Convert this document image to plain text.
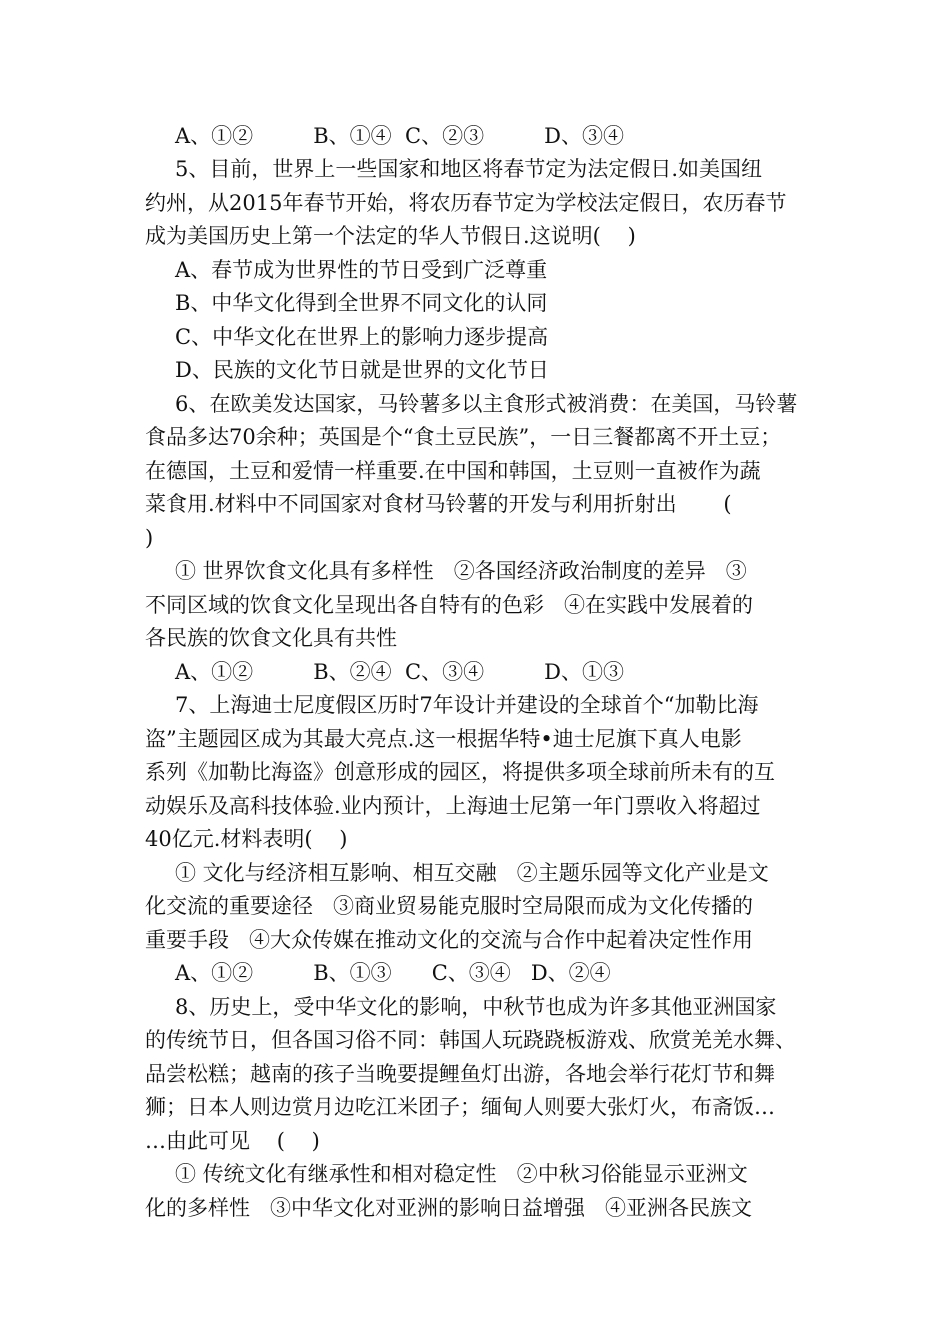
A、①②         B、①④  C、②③         D、③④
5、目前，世界上一些国家和地区将春节定为法定假日.如美国纽
约州，从2015年春节开始，将农历春节定为学校法定假日，农历春节
成为美国历史上第一个法定的华人节假日.这说明(    )
A、春节成为世界性的节日受到广泛尊重
B、中华文化得到全世界不同文化的认同
C、中华文化在世界上的影响力逐步提高
D、民族的文化节日就是世界的文化节日
6、在欧美发达国家，马铃薯多以主食形式被消费：在美国，马铃薯
食品多达70余种；英国是个“食土豆民族”，一日三餐都离不开土豆；
在德国，土豆和爱情一样重要.在中国和韩国，土豆则一直被作为蔬
菜食用.材料中不同国家对食材马铃薯的开发与利用折射出       (
)
① 世界饮食文化具有多样性   ②各国经济政治制度的差异   ③
不同区域的饮食文化呈现出各自特有的色彩   ④在实践中发展着的
各民族的饮食文化具有共性
A、①②         B、②④  C、③④         D、①③
7、上海迪士尼度假区历时7年设计并建设的全球首个“加勒比海
盗”主题园区成为其最大亮点.这一根据华特•迪士尼旗下真人电影
系列《加勒比海盗》创意形成的园区，将提供多项全球前所未有的互
动娱乐及高科技体验.业内预计，上海迪士尼第一年门票收入将超过
40亿元.材料表明(    )
① 文化与经济相互影响、相互交融   ②主题乐园等文化产业是文
化交流的重要途径   ③商业贸易能克服时空局限而成为文化传播的
重要手段   ④大众传媒在推动文化的交流与合作中起着决定性作用
A、①②         B、①③      C、③④   D、②④
8、历史上，受中华文化的影响，中秋节也成为许多其他亚洲国家
的传统节日，但各国习俗不同：韩国人玩跷跷板游戏、欣赏羌羌水舞、
品尝松糕；越南的孩子当晚要提鲤鱼灯出游，各地会举行花灯节和舞
狮；日本人则边赏月边吃江米团子；缅甸人则要大张灯火，布斋饭…
…由此可见    (    )
① 传统文化有继承性和相对稳定性   ②中秋习俗能显示亚洲文
化的多样性   ③中华文化对亚洲的影响日益增强   ④亚洲各民族文
